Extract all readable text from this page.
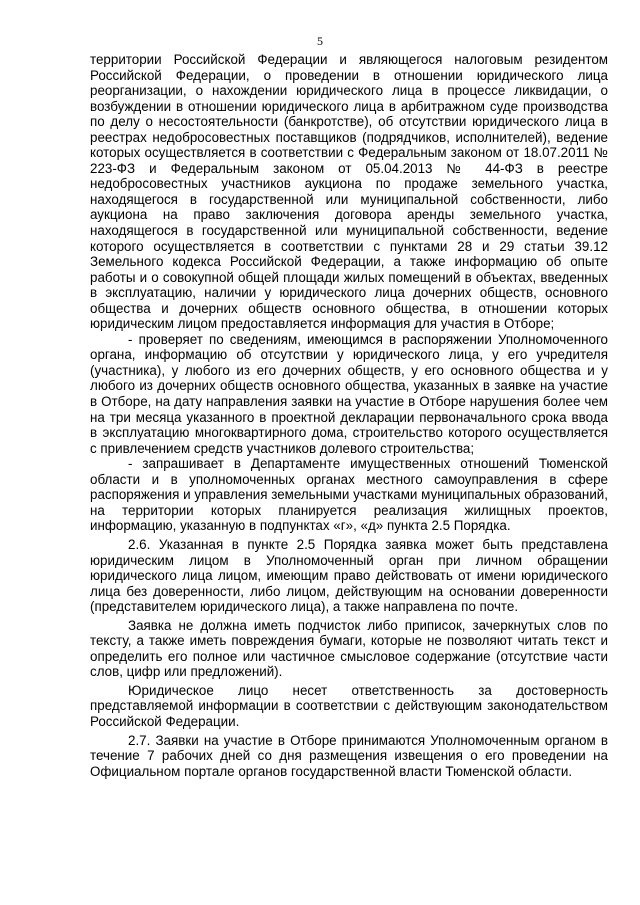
5

территории Российской Федерации и являющегося налоговым резидентом Российской Федерации, о проведении в отношении юридического лица реорганизации, о нахождении юридического лица в процессе ликвидации, о возбуждении в отношении юридического лица в арбитражном суде производства по делу о несостоятельности (банкротстве), об отсутствии юридического лица в реестрах недобросовестных поставщиков (подрядчиков, исполнителей), ведение которых осуществляется в соответствии с Федеральным законом от 18.07.2011 № 223-ФЗ и Федеральным законом от 05.04.2013 № 44-ФЗ в реестре недобросовестных участников аукциона по продаже земельного участка, находящегося в государственной или муниципальной собственности, либо аукциона на право заключения договора аренды земельного участка, находящегося в государственной или муниципальной собственности, ведение которого осуществляется в соответствии с пунктами 28 и 29 статьи 39.12 Земельного кодекса Российской Федерации, а также информацию об опыте работы и о совокупной общей площади жилых помещений в объектах, введенных в эксплуатацию, наличии у юридического лица дочерних обществ, основного общества и дочерних обществ основного общества, в отношении которых юридическим лицом предоставляется информация для участия в Отборе;

- проверяет по сведениям, имеющимся в распоряжении Уполномоченного органа, информацию об отсутствии у юридического лица, у его учредителя (участника), у любого из его дочерних обществ, у его основного общества и у любого из дочерних обществ основного общества, указанных в заявке на участие в Отборе, на дату направления заявки на участие в Отборе нарушения более чем на три месяца указанного в проектной декларации первоначального срока ввода в эксплуатацию многоквартирного дома, строительство которого осуществляется с привлечением средств участников долевого строительства;

- запрашивает в Департаменте имущественных отношений Тюменской области и в уполномоченных органах местного самоуправления в сфере распоряжения и управления земельными участками муниципальных образований, на территории которых планируется реализация жилищных проектов, информацию, указанную в подпунктах «г», «д» пункта 2.5 Порядка.

2.6. Указанная в пункте 2.5 Порядка заявка может быть представлена юридическим лицом в Уполномоченный орган при личном обращении юридического лица лицом, имеющим право действовать от имени юридического лица без доверенности, либо лицом, действующим на основании доверенности (представителем юридического лица), а также направлена по почте.

Заявка не должна иметь подчисток либо приписок, зачеркнутых слов по тексту, а также иметь повреждения бумаги, которые не позволяют читать текст и определить его полное или частичное смысловое содержание (отсутствие части слов, цифр или предложений).

Юридическое лицо несет ответственность за достоверность представляемой информации в соответствии с действующим законодательством Российской Федерации.

2.7. Заявки на участие в Отборе принимаются Уполномоченным органом в течение 7 рабочих дней со дня размещения извещения о его проведении на Официальном портале органов государственной власти Тюменской области.
